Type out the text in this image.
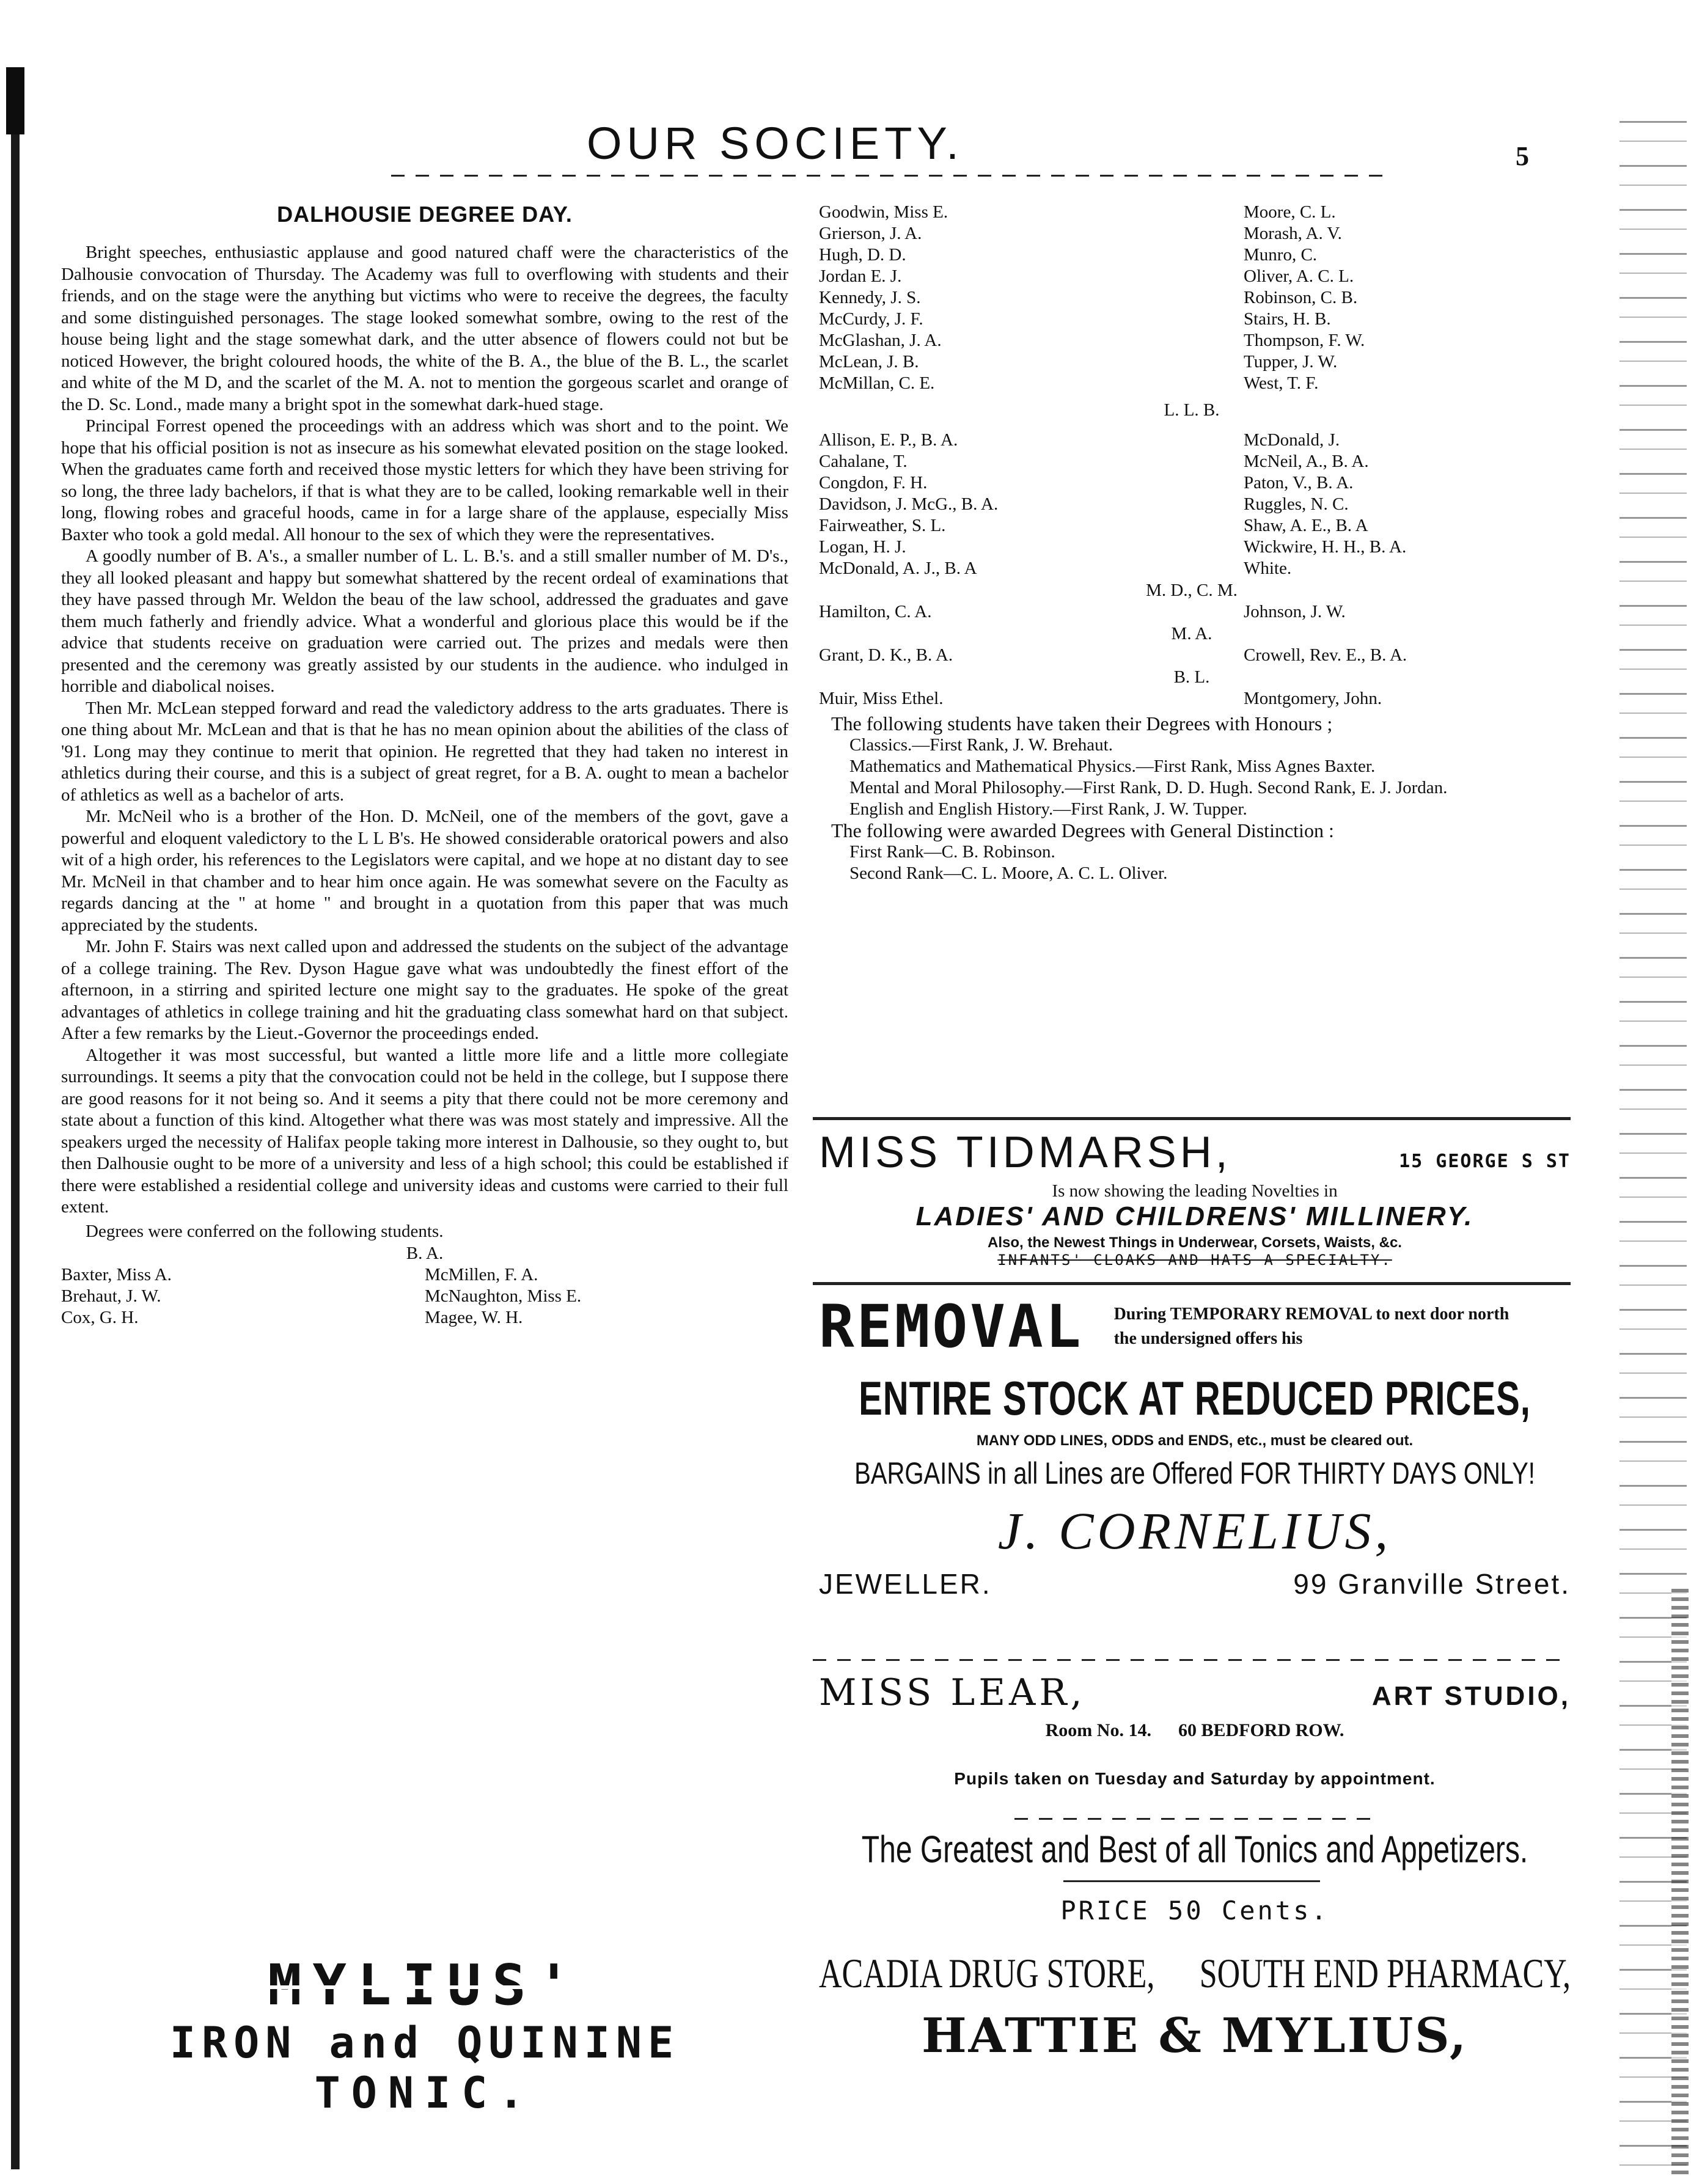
OUR SOCIETY.	5
DALHOUSIE DEGREE DAY.

Bright speeches, enthusiastic applause and good natured chaff were the characteristics of the Dalhousie convocation of Thursday. The Academy was full to overflowing with students and their friends, and on the stage were the anything but victims who were to receive the degrees, the faculty and some distinguished personages. The stage looked somewhat sombre, owing to the rest of the house being light and the stage somewhat dark, and the utter absence of flowers could not but be noticed However, the bright coloured hoods, the white of the B. A., the blue of the B. L., the scarlet and white of the M D, and the scarlet of the M. A. not to mention the gorgeous scarlet and orange of the D. Sc. Lond., made many a bright spot in the somewhat dark-hued stage.

Principal Forrest opened the proceedings with an address which was short and to the point. We hope that his official position is not as insecure as his somewhat elevated position on the stage looked. When the graduates came forth and received those mystic letters for which they have been striving for so long, the three lady bachelors, if that is what they are to be called, looking remarkable well in their long, flowing robes and graceful hoods, came in for a large share of the applause, especially Miss Baxter who took a gold medal. All honour to the sex of which they were the representatives.

A goodly number of B. A's., a smaller number of L. L. B.'s. and a still smaller number of M. D's., they all looked pleasant and happy but somewhat shattered by the recent ordeal of examinations that they have passed through Mr. Weldon the beau of the law school, addressed the graduates and gave them much fatherly and friendly advice. What a wonderful and glorious place this would be if the advice that students receive on graduation were carried out. The prizes and medals were then presented and the ceremony was greatly assisted by our students in the audience. who indulged in horrible and diabolical noises.

Then Mr. McLean stepped forward and read the valedictory address to the arts graduates. There is one thing about Mr. McLean and that is that he has no mean opinion about the abilities of the class of '91. Long may they continue to merit that opinion. He regretted that they had taken no interest in athletics during their course, and this is a subject of great regret, for a B. A. ought to mean a bachelor of athletics as well as a bachelor of arts.

Mr. McNeil who is a brother of the Hon. D. McNeil, one of the members of the govt, gave a powerful and eloquent valedictory to the L L B's. He showed considerable oratorical powers and also wit of a high order, his references to the Legislators were capital, and we hope at no distant day to see Mr. McNeil in that chamber and to hear him once again. He was somewhat severe on the Faculty as regards dancing at the " at home " and brought in a quotation from this paper that was much appreciated by the students.

Mr. John F. Stairs was next called upon and addressed the students on the subject of the advantage of a college training. The Rev. Dyson Hague gave what was undoubtedly the finest effort of the afternoon, in a stirring and spirited lecture one might say to the graduates. He spoke of the great advantages of athletics in college training and hit the graduating class somewhat hard on that subject. After a few remarks by the Lieut.-Governor the proceedings ended.

Altogether it was most successful, but wanted a little more life and a little more collegiate surroundings. It seems a pity that the convocation could not be held in the college, but I suppose there are good reasons for it not being so. And it seems a pity that there could not be more ceremony and state about a function of this kind. Altogether what there was was most stately and impressive. All the speakers urged the necessity of Halifax people taking more interest in Dalhousie, so they ought to, but then Dalhousie ought to be more of a university and less of a high school; this could be established if there were established a residential college and university ideas and customs were carried to their full extent.

Degrees were conferred on the following students.

B. A.
Baxter, Miss A.	McMillen, F. A.
Brehaut, J. W.	McNaughton, Miss E.
Cox, G. H.	Magee, W. H.
MYLIUS'
IRON and QUININE
TONIC.
Goodwin, Miss E.	Moore, C. L.
Grierson, J. A.	Morash, A. V.
Hugh, D. D.	Munro, C.
Jordan E. J.	Oliver, A. C. L.
Kennedy, J. S.	Robinson, C. B.
McCurdy, J. F.	Stairs, H. B.
McGlashan, J. A.	Thompson, F. W.
McLean, J. B.	Tupper, J. W.
McMillan, C. E.	West, T. F.
L. L. B.
Allison, E. P., B. A.	McDonald, J.
Cahalane, T.	McNeil, A., B. A.
Congdon, F. H.	Paton, V., B. A.
Davidson, J. McG., B. A.	Ruggles, N. C.
Fairweather, S. L.	Shaw, A. E., B. A
Logan, H. J.	Wickwire, H. H., B. A.
McDonald, A. J., B. A	White.
M. D., C. M.
Hamilton, C. A.	Johnson, J. W.
M. A.
Grant, D. K., B. A.	Crowell, Rev. E., B. A.
B. L.
Muir, Miss Ethel.	Montgomery, John.
The following students have taken their Degrees with Honours ;
Classics.—First Rank, J. W. Brehaut.
Mathematics and Mathematical Physics.—First Rank, Miss Agnes Baxter.
Mental and Moral Philosophy.—First Rank, D. D. Hugh. Second Rank, E. J. Jordan.
English and English History.—First Rank, J. W. Tupper.
The following were awarded Degrees with General Distinction :
First Rank—C. B. Robinson.
Second Rank—C. L. Moore, A. C. L. Oliver.
MISS TIDMARSH,	15 GEORGE S ST
Is now showing the leading Novelties in
LADIES' AND CHILDRENS' MILLINERY.
Also, the Newest Things in Underwear, Corsets, Waists, &c.
INFANTS' CLOAKS AND HATS A SPECIALTY.
REMOVAL During TEMPORARY REMOVAL to next door north the undersigned offers his
ENTIRE STOCK AT REDUCED PRICES,
MANY ODD LINES, ODDS and ENDS, etc., must be cleared out.
BARGAINS in all Lines are Offered FOR THIRTY DAYS ONLY!
J. CORNELIUS,
JEWELLER.	99 Granville Street.
MISS LEAR,	ART STUDIO,
Room No. 14. 60 BEDFORD ROW.
Pupils taken on Tuesday and Saturday by appointment.
The Greatest and Best of all Tonics and Appetizers.
PRICE 50 Cents.
ACADIA DRUG STORE, SOUTH END PHARMACY,
HATTIE & MYLIUS,
